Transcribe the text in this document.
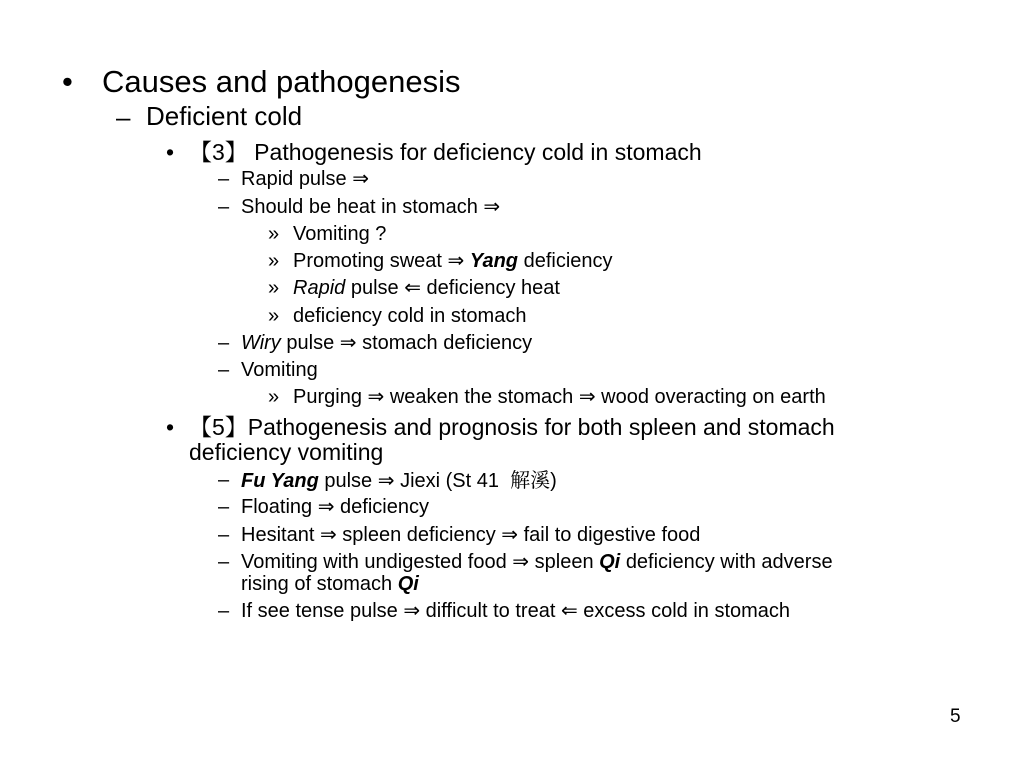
• Causes and pathogenesis
– Deficient cold
• 【3】 Pathogenesis for deficiency cold in stomach
– Rapid pulse ⇒
– Should be heat in stomach ⇒
» Vomiting ?
» Promoting sweat ⇒ Yang deficiency
» Rapid pulse ⇐ deficiency heat
» deficiency cold in stomach
– Wiry pulse ⇒ stomach deficiency
– Vomiting
» Purging ⇒ weaken the stomach ⇒ wood overacting on earth
• 【5】Pathogenesis and prognosis for both spleen and stomach
deficiency vomiting
– Fu Yang pulse ⇒ Jiexi (St 41 解溪)
– Floating ⇒ deficiency
– Hesitant ⇒ spleen deficiency ⇒ fail to digestive food
– Vomiting with undigested food ⇒ spleen Qi deficiency with adverse
rising of stomach Qi
– If see tense pulse ⇒ difficult to treat ⇐ excess cold in stomach
5
